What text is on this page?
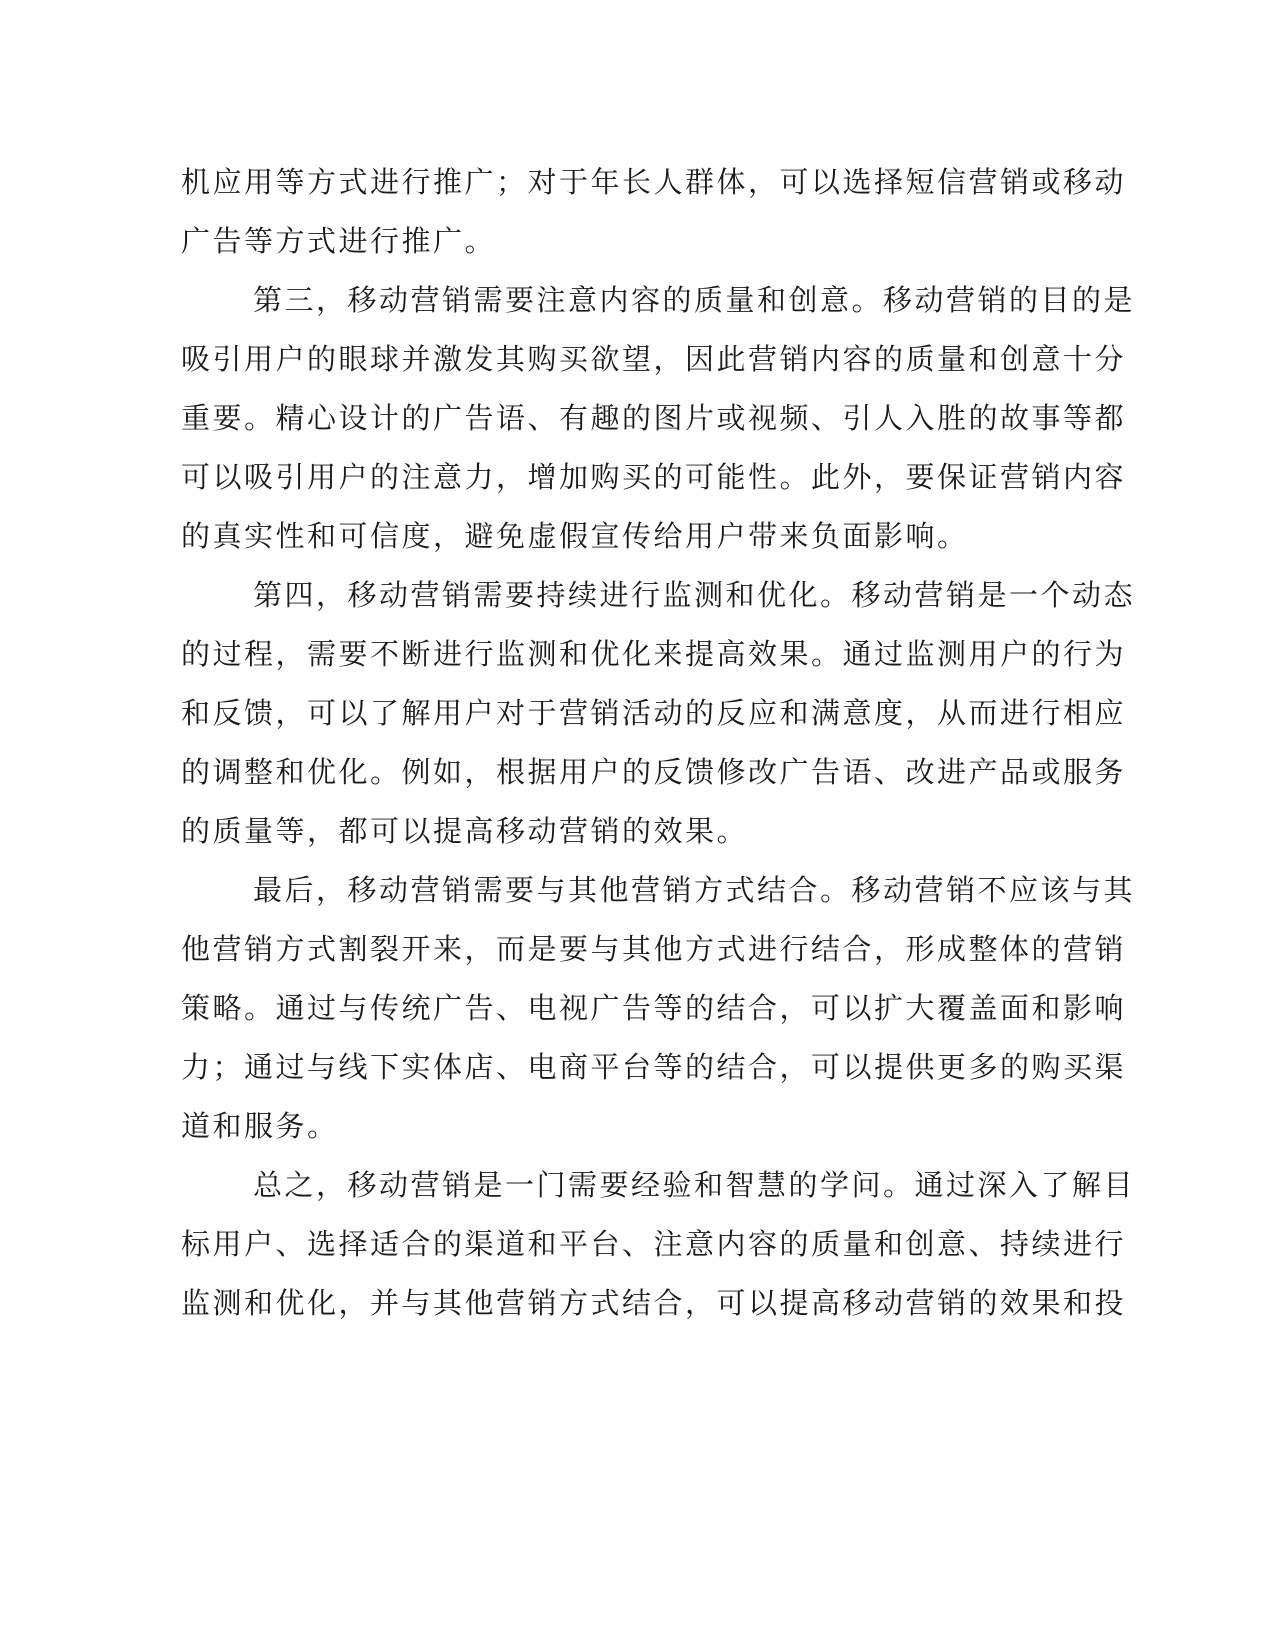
机应用等方式进行推广；对于年长人群体，可以选择短信营销或移动
广告等方式进行推广。
第三，移动营销需要注意内容的质量和创意。移动营销的目的是
吸引用户的眼球并激发其购买欲望，因此营销内容的质量和创意十分
重要。精心设计的广告语、有趣的图片或视频、引人入胜的故事等都
可以吸引用户的注意力，增加购买的可能性。此外，要保证营销内容
的真实性和可信度，避免虚假宣传给用户带来负面影响。
第四，移动营销需要持续进行监测和优化。移动营销是一个动态
的过程，需要不断进行监测和优化来提高效果。通过监测用户的行为
和反馈，可以了解用户对于营销活动的反应和满意度，从而进行相应
的调整和优化。例如，根据用户的反馈修改广告语、改进产品或服务
的质量等，都可以提高移动营销的效果。
最后，移动营销需要与其他营销方式结合。移动营销不应该与其
他营销方式割裂开来，而是要与其他方式进行结合，形成整体的营销
策略。通过与传统广告、电视广告等的结合，可以扩大覆盖面和影响
力；通过与线下实体店、电商平台等的结合，可以提供更多的购买渠
道和服务。
总之，移动营销是一门需要经验和智慧的学问。通过深入了解目
标用户、选择适合的渠道和平台、注意内容的质量和创意、持续进行
监测和优化，并与其他营销方式结合，可以提高移动营销的效果和投
